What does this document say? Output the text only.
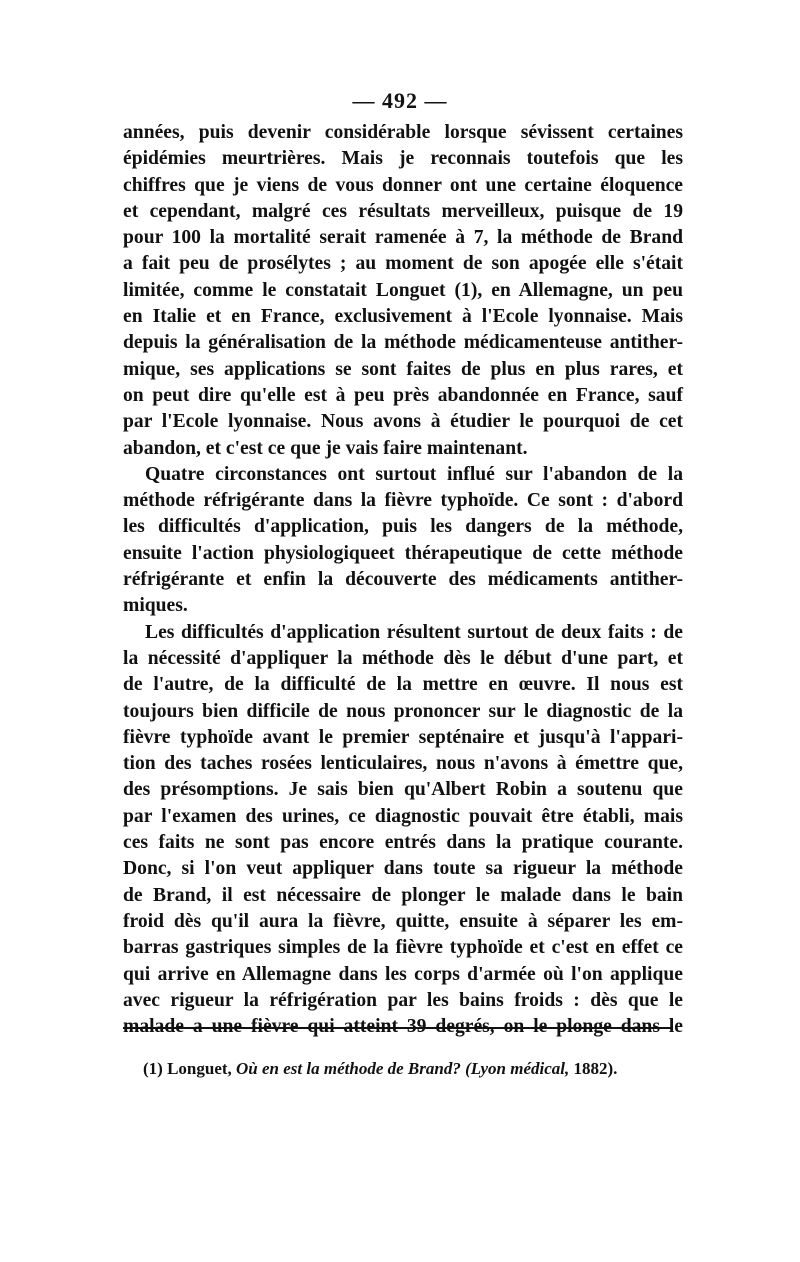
— 492 —
années, puis devenir considérable lorsque sévissent certaines
épidémies meurtrières. Mais je reconnais toutefois que les
chiffres que je viens de vous donner ont une certaine éloquence
et cependant, malgré ces résultats merveilleux, puisque de 19
pour 100 la mortalité serait ramenée à 7, la méthode de Brand
a fait peu de prosélytes ; au moment de son apogée elle s'était
limitée, comme le constatait Longuet (1), en Allemagne, un peu
en Italie et en France, exclusivement à l'Ecole lyonnaise. Mais
depuis la généralisation de la méthode médicamenteuse antither-
mique, ses applications se sont faites de plus en plus rares, et
on peut dire qu'elle est à peu près abandonnée en France, sauf
par l'Ecole lyonnaise. Nous avons à étudier le pourquoi de cet
abandon, et c'est ce que je vais faire maintenant.
Quatre circonstances ont surtout influé sur l'abandon de la
méthode réfrigérante dans la fièvre typhoïde. Ce sont : d'abord
les difficultés d'application, puis les dangers de la méthode,
ensuite l'action physiologiqueet thérapeutique de cette méthode
réfrigérante et enfin la découverte des médicaments antither-
miques.
Les difficultés d'application résultent surtout de deux faits : de
la nécessité d'appliquer la méthode dès le début d'une part, et
de l'autre, de la difficulté de la mettre en œuvre. Il nous est
toujours bien difficile de nous prononcer sur le diagnostic de la
fièvre typhoïde avant le premier septénaire et jusqu'à l'appari-
tion des taches rosées lenticulaires, nous n'avons à émettre que,
des présomptions. Je sais bien qu'Albert Robin a soutenu que
par l'examen des urines, ce diagnostic pouvait être établi, mais
ces faits ne sont pas encore entrés dans la pratique courante.
Donc, si l'on veut appliquer dans toute sa rigueur la méthode
de Brand, il est nécessaire de plonger le malade dans le bain
froid dès qu'il aura la fièvre, quitte, ensuite à séparer les em-
barras gastriques simples de la fièvre typhoïde et c'est en effet ce
qui arrive en Allemagne dans les corps d'armée où l'on applique
avec rigueur la réfrigération par les bains froids : dès que le
malade a une fièvre qui atteint 39 degrés, on le plonge dans le
(1) Longuet, Où en est la méthode de Brand? (Lyon médical, 1882).
